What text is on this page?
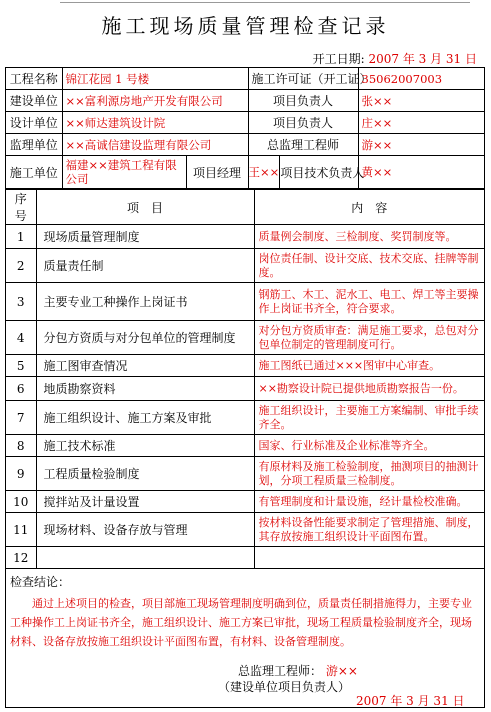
施工现场质量管理检查记录
开工日期: 2007 年 3 月 31 日
工程名称	锦江花园 1 号楼		施工许可证（开工证）	35062007003
建设单位	××富利源房地产开发有限公司		项目负责人	张××
设计单位	××师达建筑设计院		项目负责人	庄××
监理单位	××高诚信建设监理有限公司		总监理工程师	游××
施工单位	福建××建筑工程有限公司	项目经理	王×× 项目技术负责人	黄××
序号	项　目	内　容
1	现场质量管理制度	质量例会制度、三检制度、奖罚制度等。
2	质量责任制	岗位责任制、设计交底、技术交底、挂牌等制度。
3	主要专业工种操作上岗证书	钢筋工、木工、泥水工、电工、焊工等主要操作上岗证书齐全，符合要求。
4	分包方资质与对分包单位的管理制度	对分包方资质审查：满足施工要求，总包对分包单位制定的管理制度可行。
5	施工图审查情况	施工图纸已通过×××图审中心审查。
6	地质勘察资料	××勘察设计院已提供地质勘察报告一份。
7	施工组织设计、施工方案及审批	施工组织设计，主要施工方案编制、审批手续齐全。
8	施工技术标准	国家、行业标准及企业标准等齐全。
9	工程质量检验制度	有原材料及施工检验制度，抽测项目的抽测计划，分项工程质量三检制度。
10	搅拌站及计量设置	有管理制度和计量设施，经计量检校准确。
11	现场材料、设备存放与管理	按材料设备性能要求制定了管理措施、制度，其存放按施工组织设计平面图布置。
12		
检查结论：
通过上述项目的检查，项目部施工现场管理制度明确到位，质量责任制措施得力，主要专业工种操作工上岗证书齐全，施工组织设计、施工方案已审批，现场工程质量检验制度齐全，现场材料、设备存放按施工组织设计平面图布置，有材料、设备管理制度。
总监理工程师： 游××
（建设单位项目负责人）
2007 年 3 月 31 日
